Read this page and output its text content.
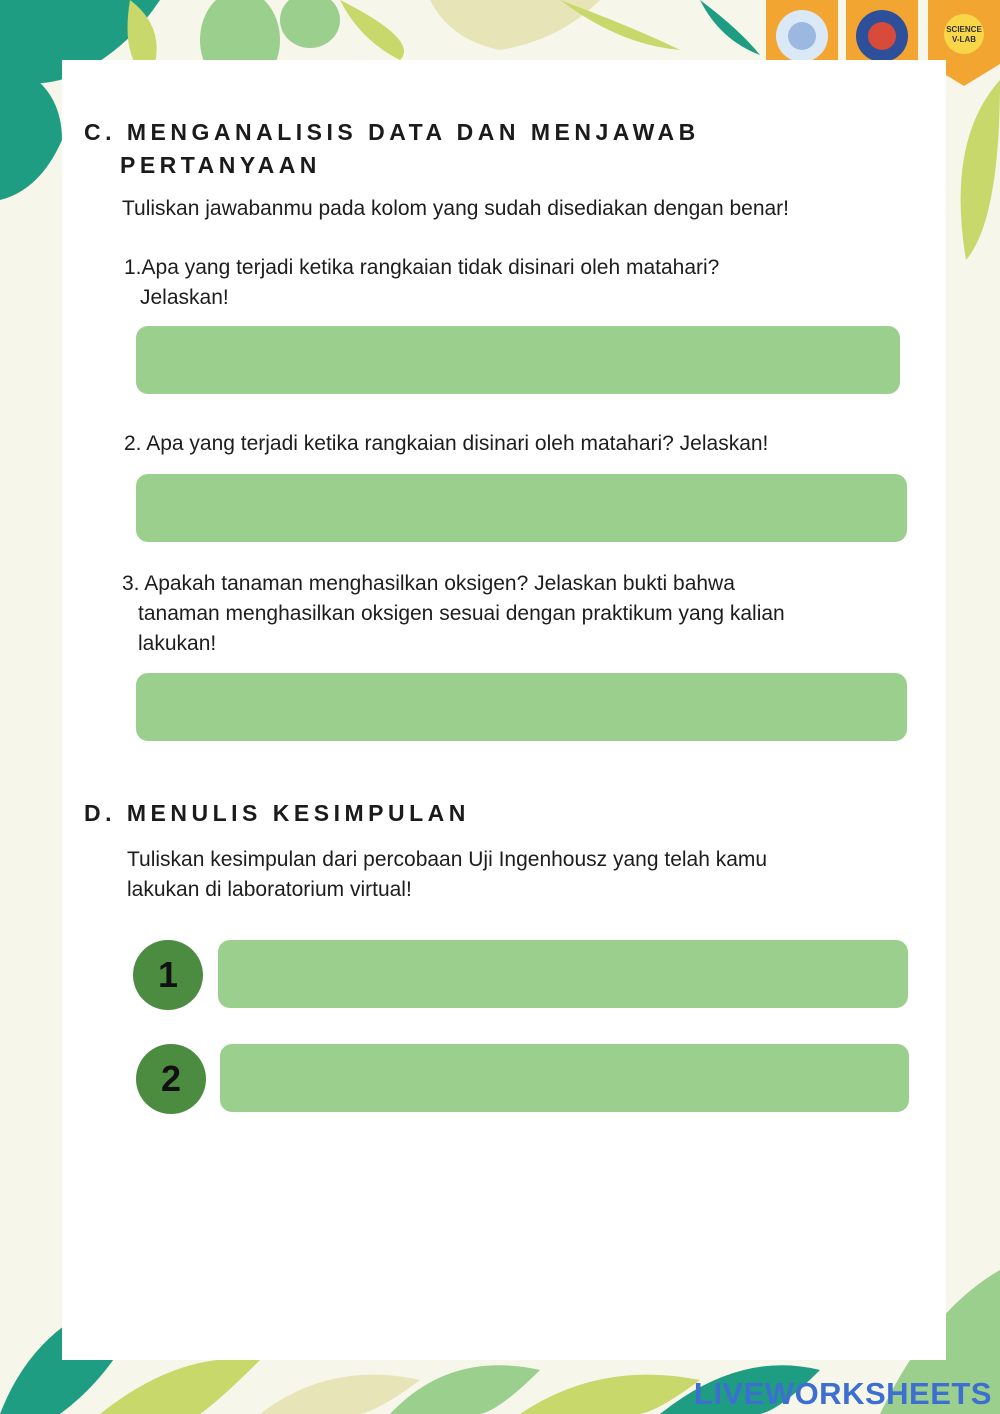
SCIENCE
V-LAB
C. MENGANALISIS DATA DAN MENJAWAB
PERTANYAAN
Tuliskan jawabanmu pada kolom yang sudah disediakan dengan benar!
1.Apa yang terjadi ketika rangkaian tidak disinari oleh matahari?
Jelaskan!
2. Apa yang terjadi ketika rangkaian disinari oleh matahari? Jelaskan!
3. Apakah tanaman menghasilkan oksigen? Jelaskan bukti bahwa
tanaman menghasilkan oksigen sesuai dengan praktikum yang kalian
lakukan!
D. MENULIS KESIMPULAN
Tuliskan kesimpulan dari percobaan Uji Ingenhousz yang telah kamu
lakukan di laboratorium virtual!
1
2
LIVEWORKSHEETS
